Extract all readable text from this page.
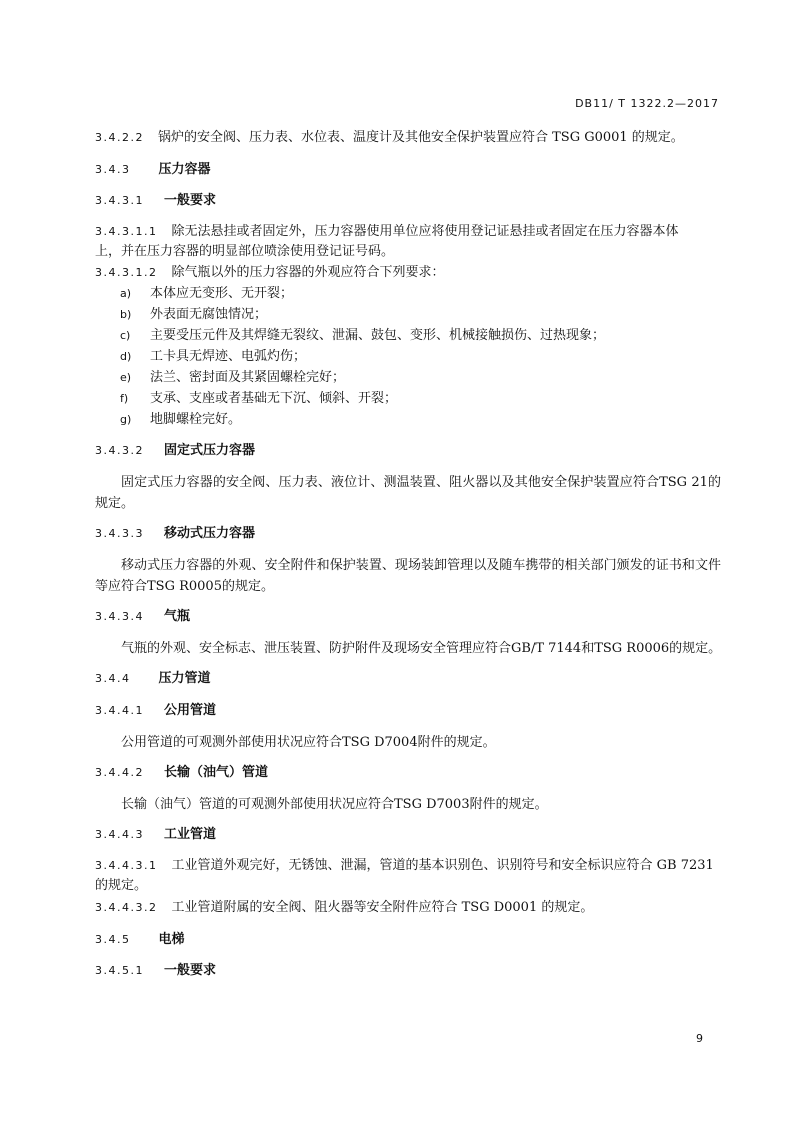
DB11/ T 1322.2—2017
3.4.2.2 锅炉的安全阀、压力表、水位表、温度计及其他安全保护装置应符合 TSG G0001 的规定。
3.4.3 压力容器
3.4.3.1 一般要求
3.4.3.1.1 除无法悬挂或者固定外，压力容器使用单位应将使用登记证悬挂或者固定在压力容器本体
上，并在压力容器的明显部位喷涂使用登记证号码。
3.4.3.1.2 除气瓶以外的压力容器的外观应符合下列要求：
a) 本体应无变形、无开裂；
b) 外表面无腐蚀情况；
c) 主要受压元件及其焊缝无裂纹、泄漏、鼓包、变形、机械接触损伤、过热现象；
d) 工卡具无焊迹、电弧灼伤；
e) 法兰、密封面及其紧固螺栓完好；
f) 支承、支座或者基础无下沉、倾斜、开裂；
g) 地脚螺栓完好。
3.4.3.2 固定式压力容器
固定式压力容器的安全阀、压力表、液位计、测温装置、阻火器以及其他安全保护装置应符合TSG 21的规定。
3.4.3.3 移动式压力容器
移动式压力容器的外观、安全附件和保护装置、现场装卸管理以及随车携带的相关部门颁发的证书和文件等应符合TSG R0005的规定。
3.4.3.4 气瓶
气瓶的外观、安全标志、泄压装置、防护附件及现场安全管理应符合GB/T 7144和TSG R0006的规定。
3.4.4 压力管道
3.4.4.1 公用管道
公用管道的可观测外部使用状况应符合TSG D7004附件的规定。
3.4.4.2 长输（油气）管道
长输（油气）管道的可观测外部使用状况应符合TSG D7003附件的规定。
3.4.4.3 工业管道
3.4.4.3.1 工业管道外观完好，无锈蚀、泄漏，管道的基本识别色、识别符号和安全标识应符合 GB 7231
的规定。
3.4.4.3.2 工业管道附属的安全阀、阻火器等安全附件应符合 TSG D0001 的规定。
3.4.5 电梯
3.4.5.1 一般要求
9
